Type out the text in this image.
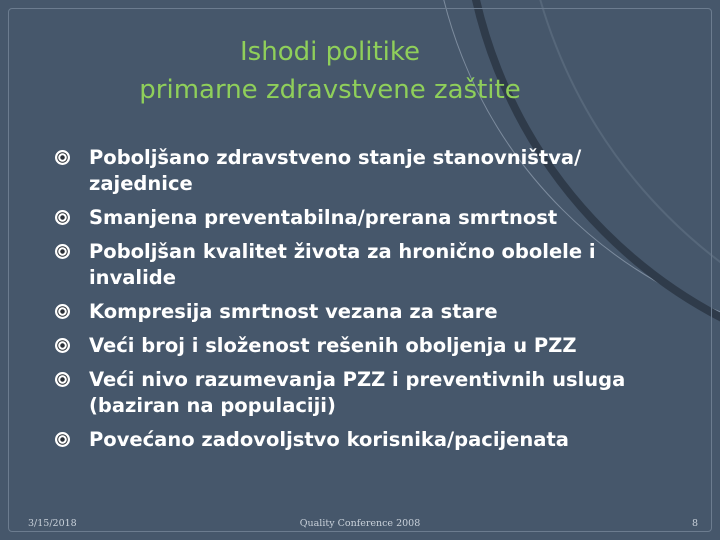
Ishodi politike
primarne zdravstvene zaštite
Poboljšano zdravstveno stanje stanovništva/ zajednice
Smanjena preventabilna/prerana smrtnost
Poboljšan kvalitet života za hronično obolele i invalide
Kompresija smrtnost vezana za stare
Veći broj i složenost rešenih oboljenja u PZZ
Veći nivo razumevanja PZZ i preventivnih usluga (baziran na populaciji)
Povećano zadovoljstvo korisnika/pacijenata
3/15/2018	Quality Conference 2008	8
